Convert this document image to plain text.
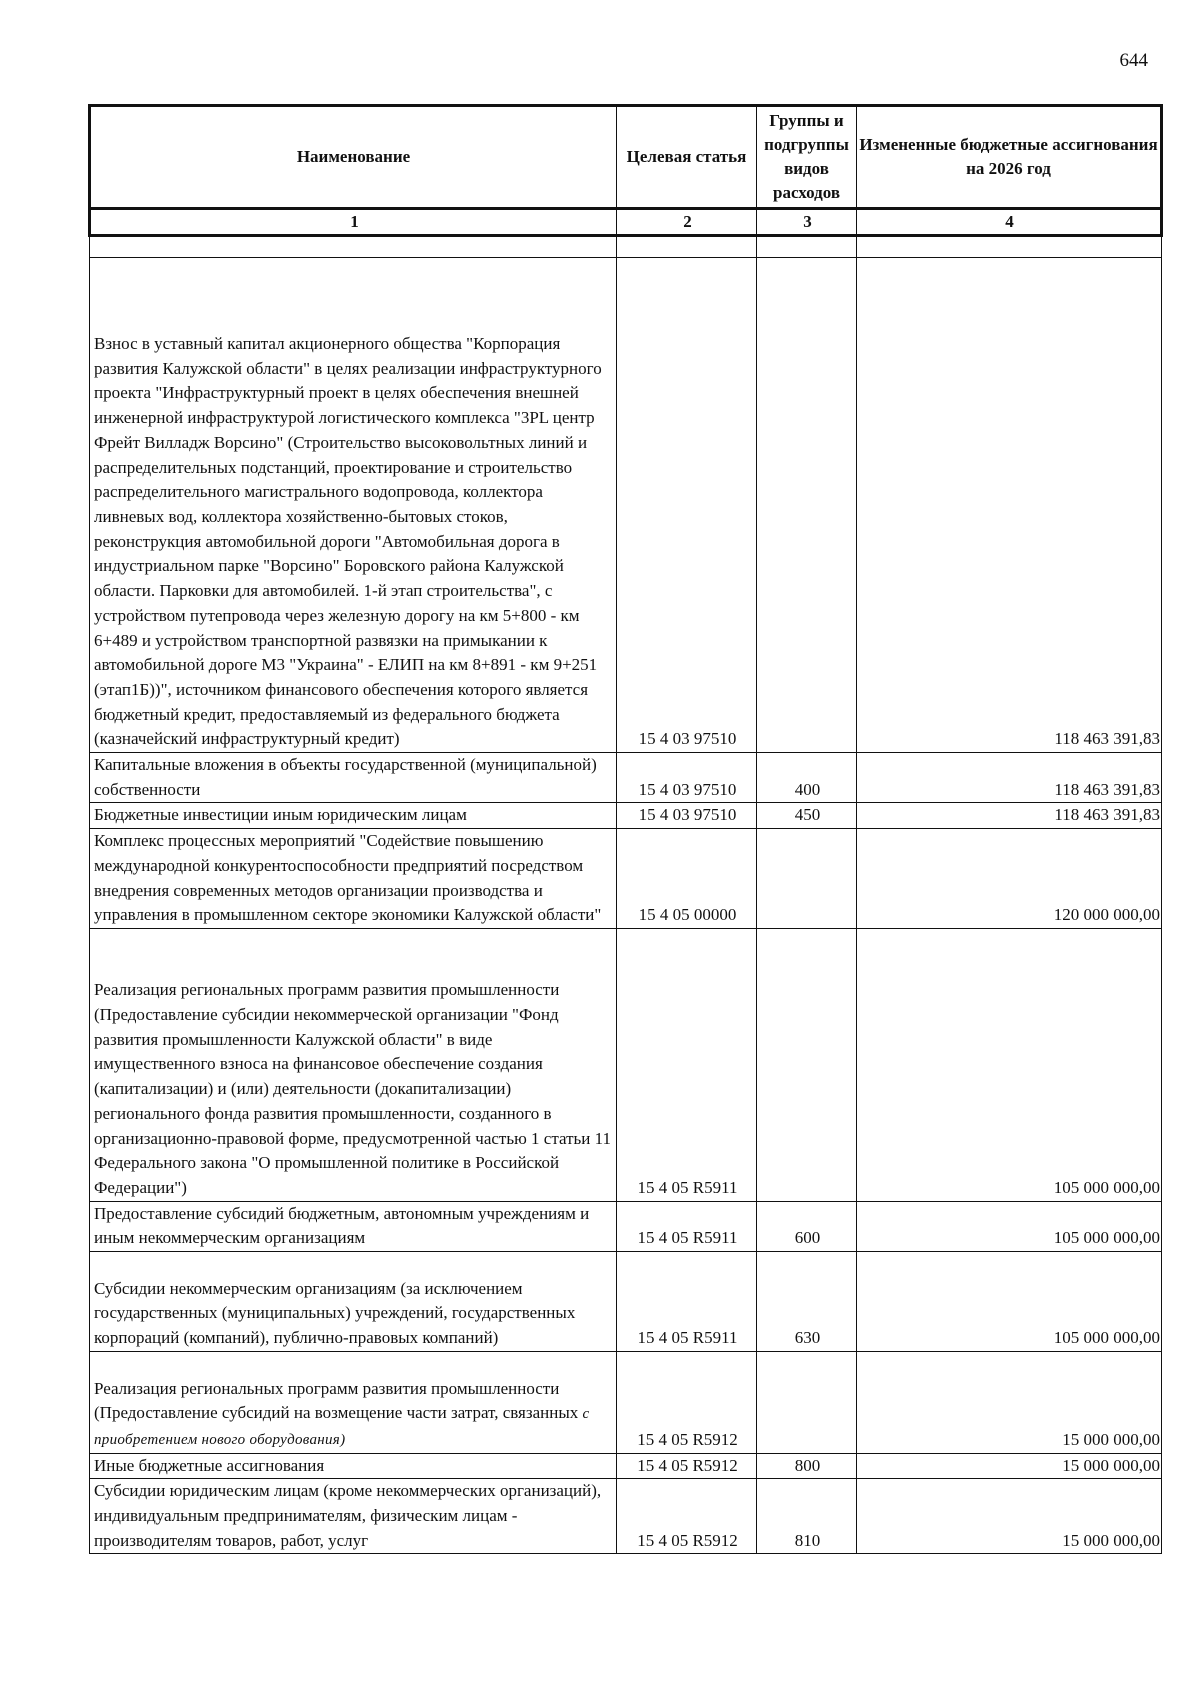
644
Наименование	Целевая статья	Группы и подгруппы видов расходов	Измененные бюджетные ассигнования на 2026 год
1	2	3	4

Взнос в уставный капитал акционерного общества "Корпорация развития Калужской области" в целях реализации инфраструктурного проекта "Инфраструктурный проект в целях обеспечения внешней инженерной инфраструктурой логистического комплекса "3PL центр Фрейт Вилладж Ворсино" (Строительство высоковольтных линий и распределительных подстанций, проектирование и строительство распределительного магистрального водопровода, коллектора ливневых вод, коллектора хозяйственно-бытовых стоков, реконструкция автомобильной дороги "Автомобильная дорога в индустриальном парке "Ворсино" Боровского района Калужской области. Парковки для автомобилей. 1-й этап строительства", с устройством путепровода через железную дорогу на км 5+800 - км 6+489 и устройством транспортной развязки на примыкании к автомобильной дороге М3 "Украина" - ЕЛИП на км 8+891 - км 9+251 (этап1Б))", источником финансового обеспечения которого является бюджетный кредит, предоставляемый из федерального бюджета (казначейский инфраструктурный кредит)	15 4 03 97510		118 463 391,83
Капитальные вложения в объекты государственной (муниципальной) собственности	15 4 03 97510	400	118 463 391,83
Бюджетные инвестиции иным юридическим лицам	15 4 03 97510	450	118 463 391,83
Комплекс процессных мероприятий "Содействие повышению международной конкурентоспособности предприятий посредством внедрения современных методов организации производства и управления в промышленном секторе экономики Калужской области"	15 4 05 00000		120 000 000,00

Реализация региональных программ развития промышленности (Предоставление субсидии некоммерческой организации "Фонд развития промышленности Калужской области" в виде имущественного взноса на финансовое обеспечение создания (капитализации) и (или) деятельности (докапитализации) регионального фонда развития промышленности, созданного в организационно-правовой форме, предусмотренной частью 1 статьи 11 Федерального закона "О промышленной политике в Российской Федерации")	15 4 05 R5911		105 000 000,00
Предоставление субсидий бюджетным, автономным учреждениям и иным некоммерческим организациям	15 4 05 R5911	600	105 000 000,00

Субсидии некоммерческим организациям (за исключением государственных (муниципальных) учреждений, государственных корпораций (компаний), публично-правовых компаний)	15 4 05 R5911	630	105 000 000,00

Реализация региональных программ развития промышленности (Предоставление субсидий на возмещение части затрат, связанных с приобретением нового оборудования)	15 4 05 R5912		15 000 000,00
Иные бюджетные ассигнования	15 4 05 R5912	800	15 000 000,00
Субсидии юридическим лицам (кроме некоммерческих организаций), индивидуальным предпринимателям, физическим лицам - производителям товаров, работ, услуг	15 4 05 R5912	810	15 000 000,00
